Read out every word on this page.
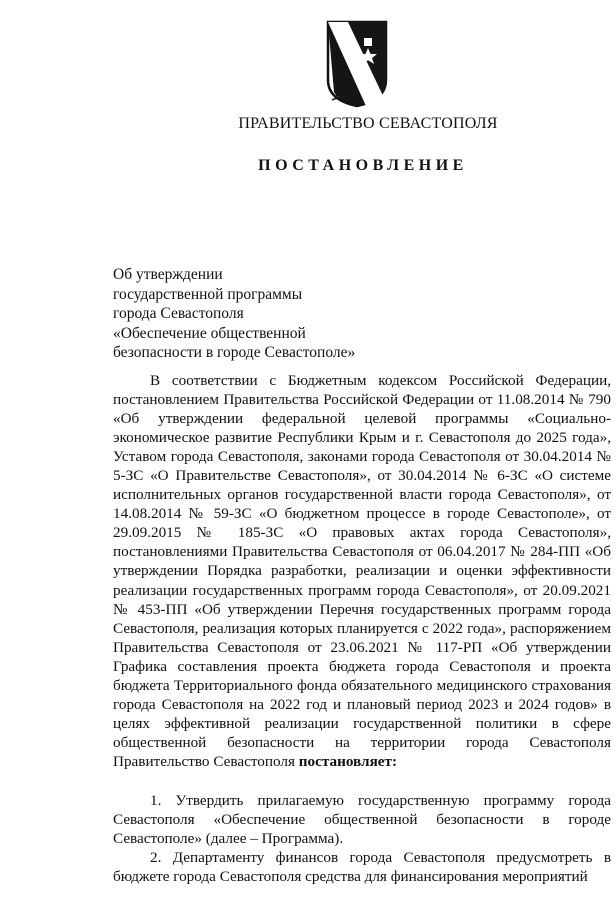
ПРАВИТЕЛЬСТВО СЕВАСТОПОЛЯ
ПОСТАНОВЛЕНИЕ
Об утверждении
государственной программы
города Севастополя
«Обеспечение общественной
безопасности в городе Севастополе»

В соответствии с Бюджетным кодексом Российской Федерации, постановлением Правительства Российской Федерации от 11.08.2014 № 790 «Об утверждении федеральной целевой программы «Социально-экономическое развитие Республики Крым и г. Севастополя до 2025 года», Уставом города Севастополя, законами города Севастополя от 30.04.2014 № 5-ЗС «О Правительстве Севастополя», от 30.04.2014 № 6-ЗС «О системе исполнительных органов государственной власти города Севастополя», от 14.08.2014 № 59-ЗС «О бюджетном процессе в городе Севастополе», от 29.09.2015 № 185-ЗС «О правовых актах города Севастополя», постановлениями Правительства Севастополя от 06.04.2017 № 284-ПП «Об утверждении Порядка разработки, реализации и оценки эффективности реализации государственных программ города Севастополя», от 20.09.2021 № 453-ПП «Об утверждении Перечня государственных программ города Севастополя, реализация которых планируется с 2022 года», распоряжением Правительства Севастополя от 23.06.2021 № 117-РП «Об утверждении Графика составления проекта бюджета города Севастополя и проекта бюджета Территориального фонда обязательного медицинского страхования города Севастополя на 2022 год и плановый период 2023 и 2024 годов» в целях эффективной реализации государственной политики в сфере общественной безопасности на территории города Севастополя Правительство Севастополя постановляет:

1. Утвердить прилагаемую государственную программу города Севастополя «Обеспечение общественной безопасности в городе Севастополе» (далее – Программа).

2. Департаменту финансов города Севастополя предусмотреть в бюджете города Севастополя средства для финансирования мероприятий
